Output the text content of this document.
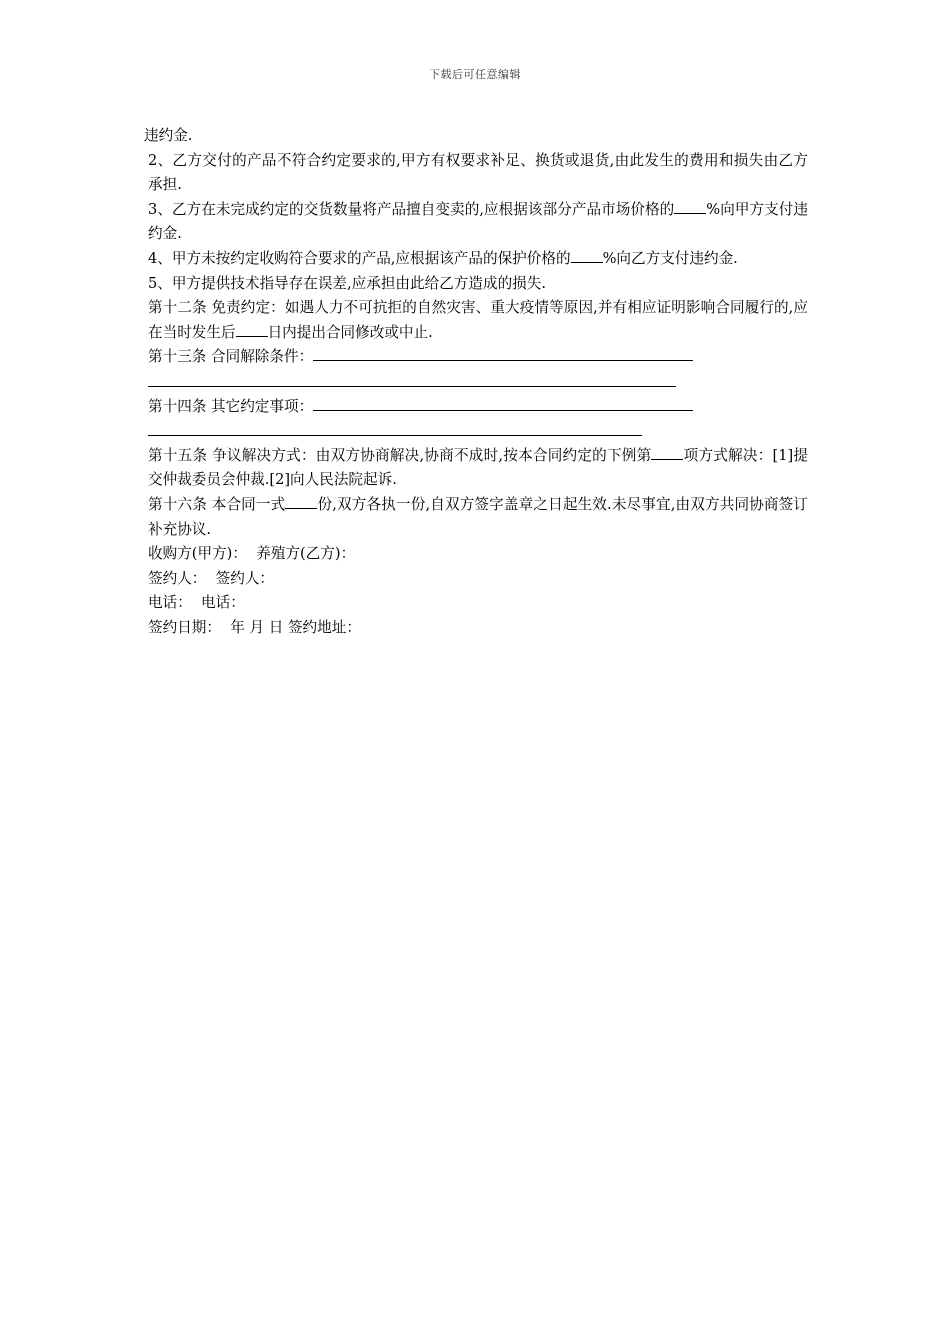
下载后可任意编辑

违约金.

2、乙方交付的产品不符合约定要求的,甲方有权要求补足、换货或退货,由此发生的费用和损失由乙方承担.

3、乙方在未完成约定的交货数量将产品擅自变卖的,应根据该部分产品市场价格的 %向甲方支付违约金.

4、甲方未按约定收购符合要求的产品,应根据该产品的保护价格的 %向乙方支付违约金.

5、甲方提供技术指导存在误差,应承担由此给乙方造成的损失.

第十二条 免责约定：如遇人力不可抗拒的自然灾害、重大疫情等原因,并有相应证明影响合同履行的,应在当时发生后 日内提出合同修改或中止.

第十三条 合同解除条件：

第十四条 其它约定事项：

第十五条 争议解决方式：由双方协商解决,协商不成时,按本合同约定的下例第 项方式解决：[1]提交仲裁委员会仲裁.[2]向人民法院起诉.

第十六条 本合同一式 份,双方各执一份,自双方签字盖章之日起生效.未尽事宜,由双方共同协商签订补充协议.

收购方(甲方)：  养殖方(乙方)：

签约人：  签约人：

电话：  电话：

签约日期：  年 月 日 签约地址：
